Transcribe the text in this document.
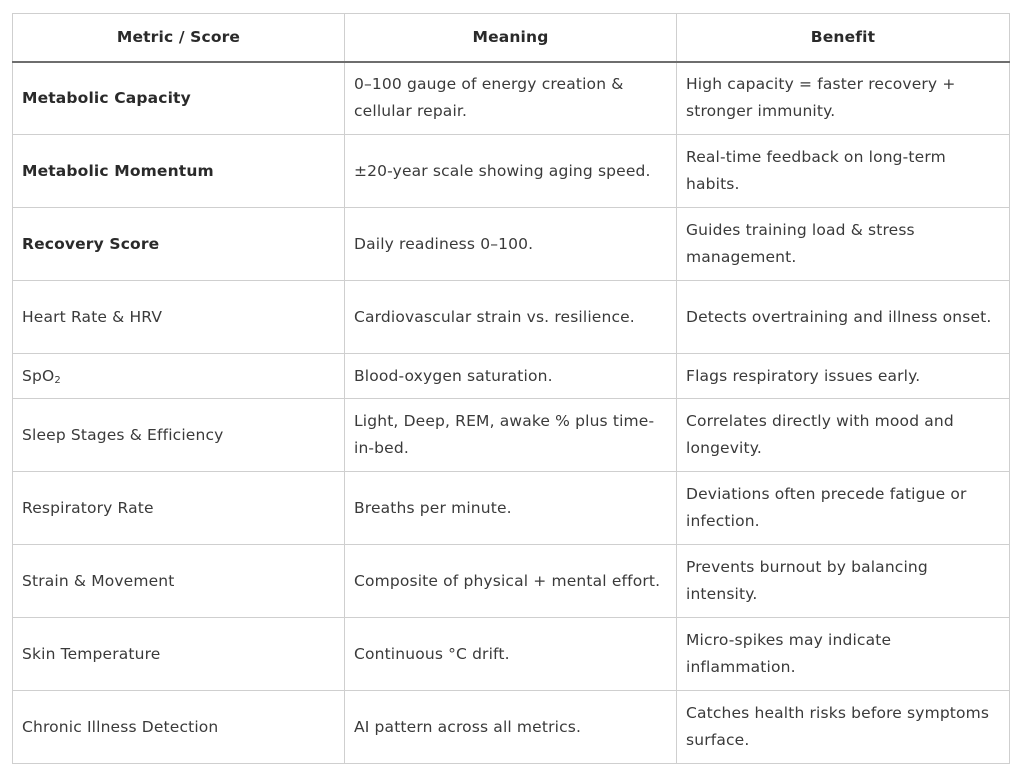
Metric / Score	Meaning	Benefit
Metabolic Capacity	0–100 gauge of energy creation & cellular repair.	High capacity = faster recovery + stronger immunity.
Metabolic Momentum	±20-year scale showing aging speed.	Real-time feedback on long-term habits.
Recovery Score	Daily readiness 0–100.	Guides training load & stress management.
Heart Rate & HRV	Cardiovascular strain vs. resilience.	Detects overtraining and illness onset.
SpO$_2$	Blood-oxygen saturation.	Flags respiratory issues early.
Sleep Stages & Efficiency	Light, Deep, REM, awake % plus time-in-bed.	Correlates directly with mood and longevity.
Respiratory Rate	Breaths per minute.	Deviations often precede fatigue or infection.
Strain & Movement	Composite of physical + mental effort.	Prevents burnout by balancing intensity.
Skin Temperature	Continuous °C drift.	Micro-spikes may indicate inflammation.
Chronic Illness Detection	AI pattern across all metrics.	Catches health risks before symptoms surface.
